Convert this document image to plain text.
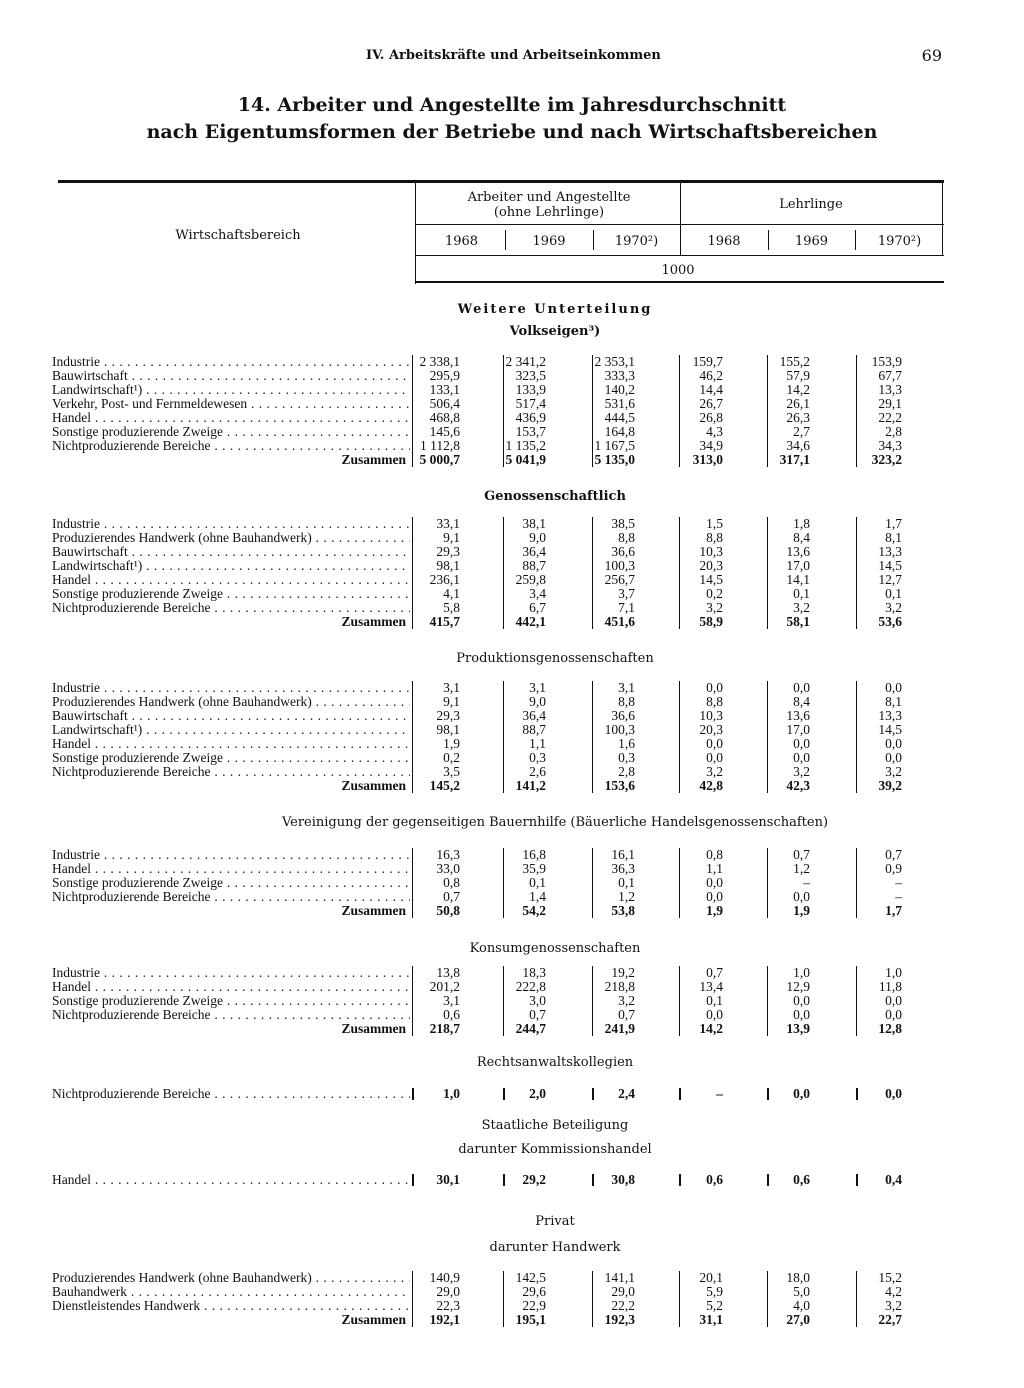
IV. Arbeitskräfte und Arbeitseinkommen	69
14. Arbeiter und Angestellte im Jahresdurchschnitt
nach Eigentumsformen der Betriebe und nach Wirtschaftsbereichen
Wirtschaftsbereich
Arbeiter und Angestellte
(ohne Lehrlinge)
Lehrlinge
1968	1969	1970²)	1968	1969	1970²)
1000
Weitere Unterteilung
Volkseigen³)
Industrie . . .	2 338,1	2 341,2	2 353,1	159,7	155,2	153,9
Bauwirtschaft . . .	295,9	323,5	333,3	46,2	57,9	67,7
Landwirtschaft¹) . . .	133,1	133,9	140,2	14,4	14,2	13,3
Verkehr, Post- und Fernmeldewesen . . .	506,4	517,4	531,6	26,7	26,1	29,1
Handel . . .	468,8	436,9	444,5	26,8	26,3	22,2
Sonstige produzierende Zweige . . .	145,6	153,7	164,8	4,3	2,7	2,8
Nichtproduzierende Bereiche . . .	1 112,8	1 135,2	1 167,5	34,9	34,6	34,3
Zusammen	5 000,7	5 041,9	5 135,0	313,0	317,1	323,2
Genossenschaftlich
Industrie . . .	33,1	38,1	38,5	1,5	1,8	1,7
Produzierendes Handwerk (ohne Bauhandwerk) . . .	9,1	9,0	8,8	8,8	8,4	8,1
Bauwirtschaft . . .	29,3	36,4	36,6	10,3	13,6	13,3
Landwirtschaft¹) . . .	98,1	88,7	100,3	20,3	17,0	14,5
Handel . . .	236,1	259,8	256,7	14,5	14,1	12,7
Sonstige produzierende Zweige . . .	4,1	3,4	3,7	0,2	0,1	0,1
Nichtproduzierende Bereiche . . .	5,8	6,7	7,1	3,2	3,2	3,2
Zusammen	415,7	442,1	451,6	58,9	58,1	53,6
Produktionsgenossenschaften
Industrie . . .	3,1	3,1	3,1	0,0	0,0	0,0
Produzierendes Handwerk (ohne Bauhandwerk) . . .	9,1	9,0	8,8	8,8	8,4	8,1
Bauwirtschaft . . .	29,3	36,4	36,6	10,3	13,6	13,3
Landwirtschaft¹) . . .	98,1	88,7	100,3	20,3	17,0	14,5
Handel . . .	1,9	1,1	1,6	0,0	0,0	0,0
Sonstige produzierende Zweige . . .	0,2	0,3	0,3	0,0	0,0	0,0
Nichtproduzierende Bereiche . . .	3,5	2,6	2,8	3,2	3,2	3,2
Zusammen	145,2	141,2	153,6	42,8	42,3	39,2
Vereinigung der gegenseitigen Bauernhilfe (Bäuerliche Handelsgenossenschaften)
Industrie . . .	16,3	16,8	16,1	0,8	0,7	0,7
Handel . . .	33,0	35,9	36,3	1,1	1,2	0,9
Sonstige produzierende Zweige . . .	0,8	0,1	0,1	0,0	–	–
Nichtproduzierende Bereiche . . .	0,7	1,4	1,2	0,0	0,0	–
Zusammen	50,8	54,2	53,8	1,9	1,9	1,7
Konsumgenossenschaften
Industrie . . .	13,8	18,3	19,2	0,7	1,0	1,0
Handel . . .	201,2	222,8	218,8	13,4	12,9	11,8
Sonstige produzierende Zweige . . .	3,1	3,0	3,2	0,1	0,0	0,0
Nichtproduzierende Bereiche . . .	0,6	0,7	0,7	0,0	0,0	0,0
Zusammen	218,7	244,7	241,9	14,2	13,9	12,8
Rechtsanwaltskollegien
Nichtproduzierende Bereiche . . .	1,0	2,0	2,4	–	0,0	0,0
Staatliche Beteiligung
darunter Kommissionshandel
Handel . . .	30,1	29,2	30,8	0,6	0,6	0,4
Privat
darunter Handwerk
Produzierendes Handwerk (ohne Bauhandwerk) . . .	140,9	142,5	141,1	20,1	18,0	15,2
Bauhandwerk . . .	29,0	29,6	29,0	5,9	5,0	4,2
Dienstleistendes Handwerk . . .	22,3	22,9	22,2	5,2	4,0	3,2
Zusammen	192,1	195,1	192,3	31,1	27,0	22,7
